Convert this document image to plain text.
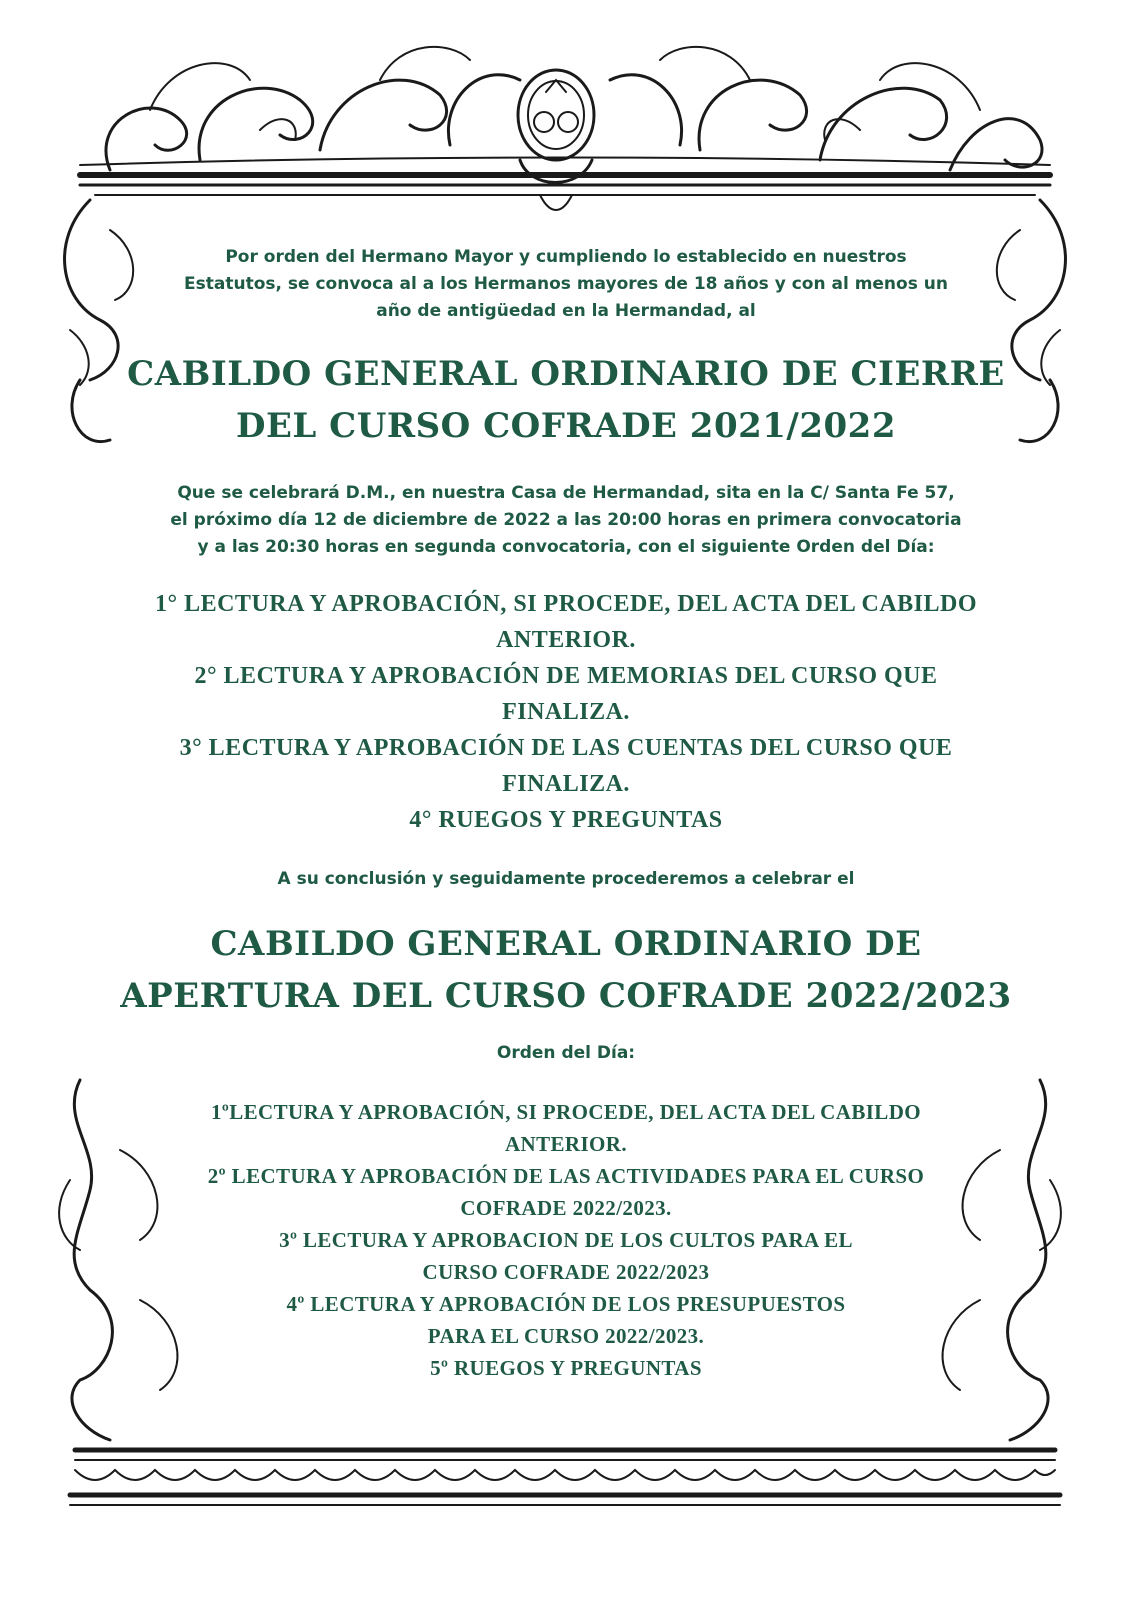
Por orden del Hermano Mayor y cumpliendo lo establecido en nuestros
Estatutos, se convoca al a los Hermanos mayores de 18 años y con al menos un
año de antigüedad en la Hermandad, al
CABILDO GENERAL ORDINARIO DE CIERRE
DEL CURSO COFRADE 2021/2022
Que se celebrará D.M., en nuestra Casa de Hermandad, sita en la C/ Santa Fe 57,
el próximo día 12 de diciembre de 2022 a las 20:00 horas en primera convocatoria
y a las 20:30 horas en segunda convocatoria, con el siguiente Orden del Día:
1° LECTURA Y APROBACIÓN, SI PROCEDE, DEL ACTA DEL CABILDO
ANTERIOR.
2° LECTURA Y APROBACIÓN DE MEMORIAS DEL CURSO QUE
FINALIZA.
3° LECTURA Y APROBACIÓN DE LAS CUENTAS DEL CURSO QUE
FINALIZA.
4° RUEGOS Y PREGUNTAS
A su conclusión y seguidamente procederemos a celebrar el
CABILDO GENERAL ORDINARIO DE
APERTURA DEL CURSO COFRADE 2022/2023
Orden del Día:
1ºLECTURA Y APROBACIÓN, SI PROCEDE, DEL ACTA DEL CABILDO
ANTERIOR.
2º LECTURA Y APROBACIÓN DE LAS ACTIVIDADES PARA EL CURSO
COFRADE 2022/2023.
3º LECTURA Y APROBACION DE LOS CULTOS PARA EL
CURSO COFRADE 2022/2023
4º LECTURA Y APROBACIÓN DE LOS PRESUPUESTOS
PARA EL CURSO 2022/2023.
5º RUEGOS Y PREGUNTAS
